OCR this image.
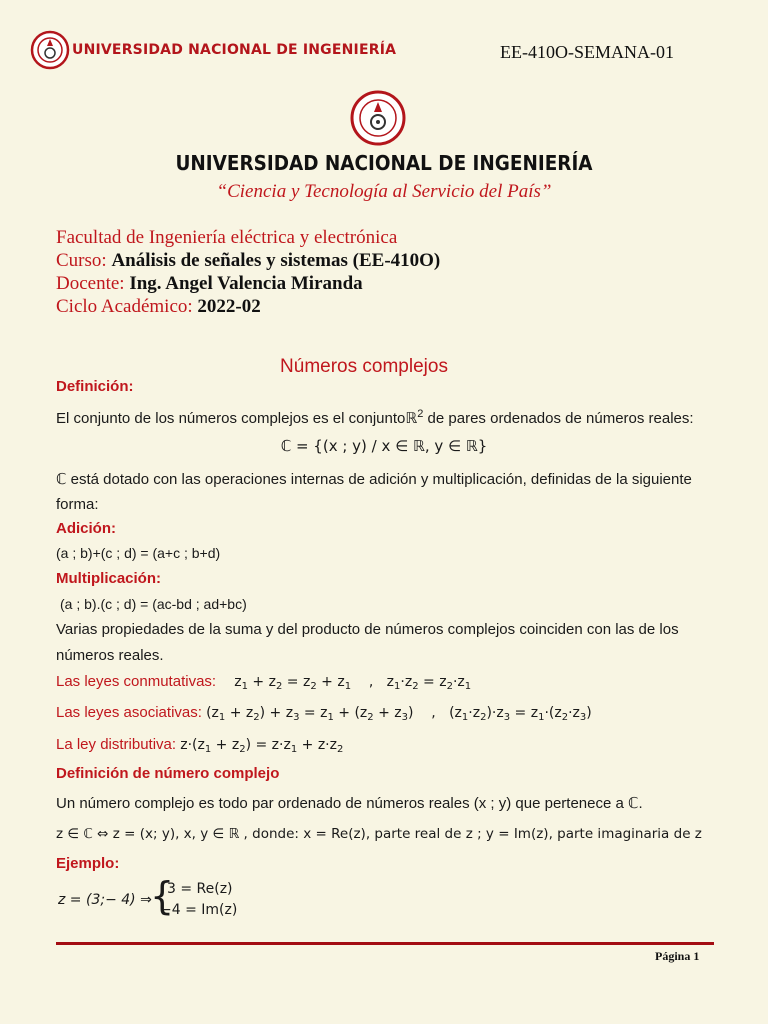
UNIVERSIDAD NACIONAL DE INGENIERÍA	EE-410O-SEMANA-01
UNIVERSIDAD NACIONAL DE INGENIERÍA
“Ciencia y Tecnología al Servicio del País”
Facultad de Ingeniería eléctrica y electrónica
Curso: Análisis de señales y sistemas (EE-410O)
Docente: Ing. Angel Valencia Miranda
Ciclo Académico: 2022-02
Números complejos
Definición:
El conjunto de los números complejos es el conjuntoℝ$^2$ de pares ordenados de números reales:
ℂ = {(x ; y) / x ∈ ℝ, y ∈ ℝ}
ℂ está dotado con las operaciones internas de adición y multiplicación, definidas de la siguiente
forma:
Adición:
(a ; b)+(c ; d) = (a+c ; b+d)
Multiplicación:
(a ; b).(c ; d) = (ac-bd ; ad+bc)
Varias propiedades de la suma y del producto de números complejos coinciden con las de los
números reales.
Las leyes conmutativas: $z_1 + z_2 = z_2 + z_1$    ,   $z_1\cdot z_2 = z_2\cdot z_1$
Las leyes asociativas: $(z_1 + z_2) + z_3 = z_1 + (z_2 + z_3)$    ,   $(z_1\cdot z_2)\cdot z_3 = z_1\cdot(z_2\cdot z_3)$
La ley distributiva: $z\cdot(z_1 + z_2) = z\cdot z_1 + z\cdot z_2$
Definición de número complejo
Un número complejo es todo par ordenado de números reales (x ; y) que pertenece a ℂ.
z ∈ ℂ ⇔ z = (x; y), x, y ∈ ℝ , donde: x = Re(z), parte real de z ; y = Im(z), parte imaginaria de z
Ejemplo:
z = (3;− 4) ⇒
{
3 = Re(z)
−4 = Im(z)
Página 1
